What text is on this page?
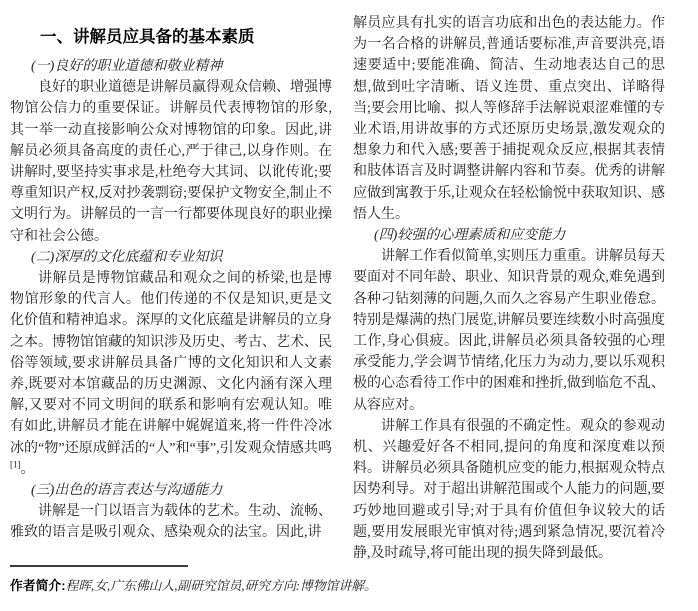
一、讲解员应具备的基本素质

(一)良好的职业道德和敬业精神

良好的职业道德是讲解员赢得观众信赖、增强博物馆公信力的重要保证。讲解员代表博物馆的形象,其一举一动直接影响公众对博物馆的印象。因此,讲解员必须具备高度的责任心,严于律己,以身作则。在讲解时,要坚持实事求是,杜绝夸大其词、以讹传讹;要尊重知识产权,反对抄袭剽窃;要保护文物安全,制止不文明行为。讲解员的一言一行都要体现良好的职业操守和社会公德。

(二)深厚的文化底蕴和专业知识

讲解员是博物馆藏品和观众之间的桥梁,也是博物馆形象的代言人。他们传递的不仅是知识,更是文化价值和精神追求。深厚的文化底蕴是讲解员的立身之本。博物馆馆藏的知识涉及历史、考古、艺术、民俗等领域,要求讲解员具备广博的文化知识和人文素养,既要对本馆藏品的历史渊源、文化内涵有深入理解,又要对不同文明间的联系和影响有宏观认知。唯有如此,讲解员才能在讲解中娓娓道来,将一件件冷冰冰的“物”还原成鲜活的“人”和“事”,引发观众情感共鸣[1]。

(三)出色的语言表达与沟通能力

讲解是一门以语言为载体的艺术。生动、流畅、雅致的语言是吸引观众、感染观众的法宝。因此,讲

解员应具有扎实的语言功底和出色的表达能力。作为一名合格的讲解员,普通话要标准,声音要洪亮,语速要适中;要能准确、简洁、生动地表达自己的思想,做到吐字清晰、语义连贯、重点突出、详略得当;要会用比喻、拟人等修辞手法解说艰涩难懂的专业术语,用讲故事的方式还原历史场景,激发观众的想象力和代入感;要善于捕捉观众反应,根据其表情和肢体语言及时调整讲解内容和节奏。优秀的讲解应做到寓教于乐,让观众在轻松愉悦中获取知识、感悟人生。

(四)较强的心理素质和应变能力

讲解工作看似简单,实则压力重重。讲解员每天要面对不同年龄、职业、知识背景的观众,难免遇到各种刁钻刻薄的问题,久而久之容易产生职业倦怠。特别是爆满的热门展览,讲解员要连续数小时高强度工作,身心俱疲。因此,讲解员必须具备较强的心理承受能力,学会调节情绪,化压力为动力,要以乐观积极的心态看待工作中的困难和挫折,做到临危不乱、从容应对。

讲解工作具有很强的不确定性。观众的参观动机、兴趣爱好各不相同,提问的角度和深度难以预料。讲解员必须具备随机应变的能力,根据观众特点因势利导。对于超出讲解范围或个人能力的问题,要巧妙地回避或引导;对于具有价值但争议较大的话题,要用发展眼光审慎对待;遇到紧急情况,要沉着冷静,及时疏导,将可能出现的损失降到最低。

作者简介:程晖,女,广东佛山人,副研究馆员,研究方向:博物馆讲解。
